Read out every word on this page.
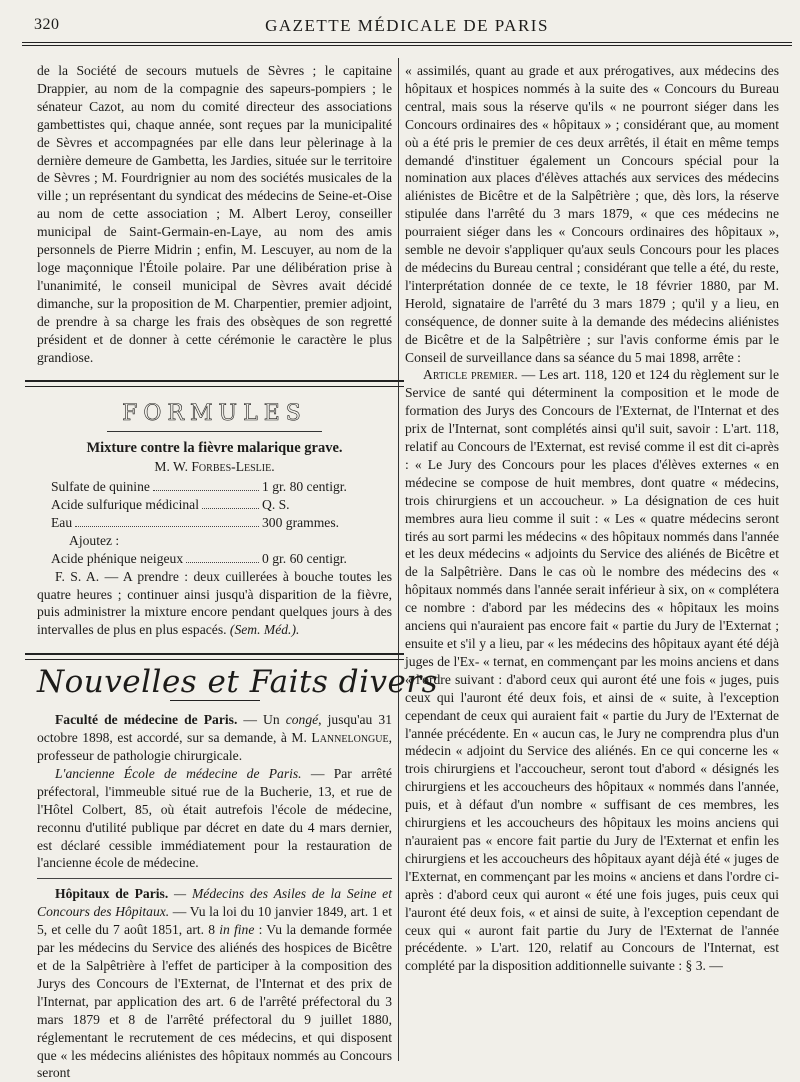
320	GAZETTE MÉDICALE DE PARIS

de la Société de secours mutuels de Sèvres ; le capitaine Drappier, au nom de la compagnie des sapeurs-pompiers ; le sénateur Cazot, au nom du comité directeur des associations gambettistes qui, chaque année, sont reçues par la municipalité de Sèvres et accompagnées par elle dans leur pèlerinage à la dernière demeure de Gambetta, les Jardies, située sur le territoire de Sèvres ; M. Fourdrignier au nom des sociétés musicales de la ville ; un représentant du syndicat des médecins de Seine-et-Oise au nom de cette association ; M. Albert Leroy, conseiller municipal de Saint-Germain-en-Laye, au nom des amis personnels de Pierre Midrin ; enfin, M. Lescuyer, au nom de la loge maçonnique l'Étoile polaire. Par une délibération prise à l'unanimité, le conseil municipal de Sèvres avait décidé dimanche, sur la proposition de M. Charpentier, premier adjoint, de prendre à sa charge les frais des obsèques de son regretté président et de donner à cette cérémonie le caractère le plus grandiose.

FORMULES
Mixture contre la fièvre malarique grave.
M. W. Forbes-Leslie.
Sulfate de quinine	1 gr. 80 centigr.
Acide sulfurique médicinal	Q. S.
Eau	300 grammes.
Ajoutez :
Acide phénique neigeux	0 gr. 60 centigr.

F. S. A. — A prendre : deux cuillerées à bouche toutes les quatre heures ; continuer ainsi jusqu'à disparition de la fièvre, puis administrer la mixture encore pendant quelques jours à des intervalles de plus en plus espacés. (Sem. Méd.).

Nouvelles et Faits divers

Faculté de médecine de Paris. — Un congé, jusqu'au 31 octobre 1898, est accordé, sur sa demande, à M. Lannelongue, professeur de pathologie chirurgicale.

L'ancienne École de médecine de Paris. — Par arrêté préfectoral, l'immeuble situé rue de la Bucherie, 13, et rue de l'Hôtel Colbert, 85, où était autrefois l'école de médecine, reconnu d'utilité publique par décret en date du 4 mars dernier, est déclaré cessible immédiatement pour la restauration de l'ancienne école de médecine.

Hôpitaux de Paris. — Médecins des Asiles de la Seine et Concours des Hôpitaux. — Vu la loi du 10 janvier 1849, art. 1 et 5, et celle du 7 août 1851, art. 8 in fine : Vu la demande formée par les médecins du Service des aliénés des hospices de Bicêtre et de la Salpêtrière à l'effet de participer à la composition des Jurys des Concours de l'Externat, de l'Internat et des prix de l'Internat, par application des art. 6 de l'arrêté préfectoral du 3 mars 1879 et 8 de l'arrêté préfectoral du 9 juillet 1880, réglementant le recrutement de ces médecins, et qui disposent que « les médecins aliénistes des hôpitaux nommés au Concours seront

« assimilés, quant au grade et aux prérogatives, aux médecins des hôpitaux et hospices nommés à la suite des « Concours du Bureau central, mais sous la réserve qu'ils « ne pourront siéger dans les Concours ordinaires des « hôpitaux » ; considérant que, au moment où a été pris le premier de ces deux arrêtés, il était en même temps demandé d'instituer également un Concours spécial pour la nomination aux places d'élèves attachés aux services des médecins aliénistes de Bicêtre et de la Salpêtrière ; que, dès lors, la réserve stipulée dans l'arrêté du 3 mars 1879, « que ces médecins ne pourraient siéger dans les « Concours ordinaires des hôpitaux », semble ne devoir s'appliquer qu'aux seuls Concours pour les places de médecins du Bureau central ; considérant que telle a été, du reste, l'interprétation donnée de ce texte, le 18 février 1880, par M. Herold, signataire de l'arrêté du 3 mars 1879 ; qu'il y a lieu, en conséquence, de donner suite à la demande des médecins aliénistes de Bicêtre et de la Salpêtrière ; sur l'avis conforme émis par le Conseil de surveillance dans sa séance du 5 mai 1898, arrête :

Article premier. — Les art. 118, 120 et 124 du règlement sur le Service de santé qui déterminent la composition et le mode de formation des Jurys des Concours de l'Externat, de l'Internat et des prix de l'Internat, sont complétés ainsi qu'il suit, savoir : L'art. 118, relatif au Concours de l'Externat, est revisé comme il est dit ci-après : « Le Jury des Concours pour les places d'élèves externes « en médecine se compose de huit membres, dont quatre « médecins, trois chirurgiens et un accoucheur. » La désignation de ces huit membres aura lieu comme il suit : « Les « quatre médecins seront tirés au sort parmi les médecins « des hôpitaux nommés dans l'année et les deux médecins « adjoints du Service des aliénés de Bicêtre et de la Salpêtrière. Dans le cas où le nombre des médecins des « hôpitaux nommés dans l'année serait inférieur à six, on « complétera ce nombre : d'abord par les médecins des « hôpitaux les moins anciens qui n'auraient pas encore fait « partie du Jury de l'Externat ; ensuite et s'il y a lieu, par « les médecins des hôpitaux ayant été déjà juges de l'Ex- « ternat, en commençant par les moins anciens et dans « l'ordre suivant : d'abord ceux qui auront été une fois « juges, puis ceux qui l'auront été deux fois, et ainsi de « suite, à l'exception cependant de ceux qui auraient fait « partie du Jury de l'Externat de l'année précédente. En « aucun cas, le Jury ne comprendra plus d'un médecin « adjoint du Service des aliénés. En ce qui concerne les « trois chirurgiens et l'accoucheur, seront tout d'abord « désignés les chirurgiens et les accoucheurs des hôpitaux « nommés dans l'année, puis, et à défaut d'un nombre « suffisant de ces membres, les chirurgiens et les accoucheurs des hôpitaux les moins anciens qui n'auraient pas « encore fait partie du Jury de l'Externat et enfin les chirurgiens et les accoucheurs des hôpitaux ayant déjà été « juges de l'Externat, en commençant par les moins « anciens et dans l'ordre ci-après : d'abord ceux qui auront « été une fois juges, puis ceux qui l'auront été deux fois, « et ainsi de suite, à l'exception cependant de ceux qui « auront fait partie du Jury de l'Externat de l'année précédente. » L'art. 120, relatif au Concours de l'Internat, est complété par la disposition additionnelle suivante : § 3. —
